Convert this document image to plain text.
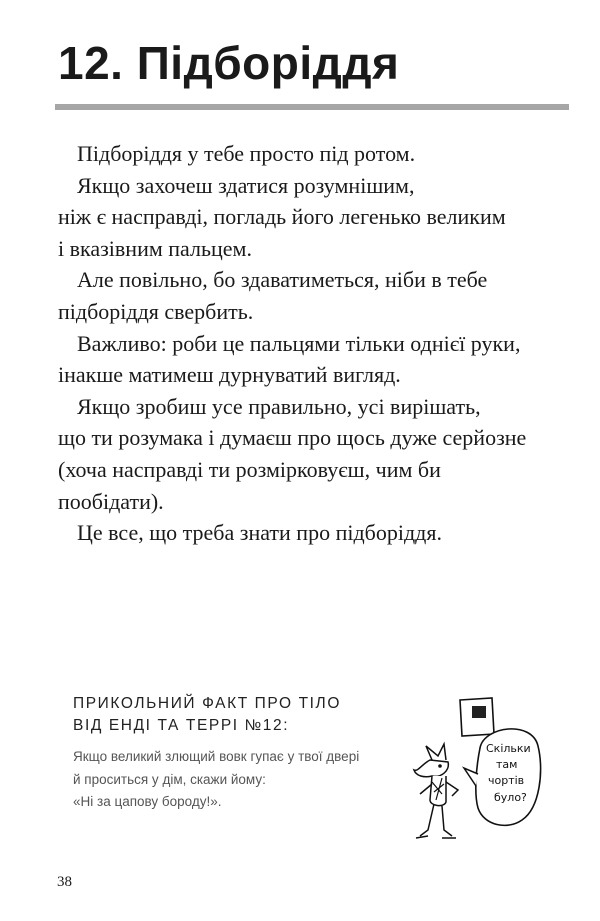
12. Підборіддя
Підборіддя у тебе просто під ротом.
Якщо захочеш здатися розумнішим,
ніж є насправді, погладь його легенько великим
і вказівним пальцем.
Але повільно, бо здаватиметься, ніби в тебе
підборіддя свербить.
Важливо: роби це пальцями тільки однієї руки,
інакше матимеш дурнуватий вигляд.
Якщо зробиш усе правильно, усі вирішать,
що ти розумака і думаєш про щось дуже серйозне
(хоча насправді ти розмірковуєш, чим би
пообідати).
Це все, що треба знати про підборіддя.
ПРИКОЛЬНИЙ ФАКТ ПРО ТІЛО
ВІД ЕНДІ ТА ТЕРРІ №12:
Якщо великий злющий вовк гупає у твої двері
й проситься у дім, скажи йому:
«Ні за цапову бороду!».
Скільки
там
чортів
було?
38
